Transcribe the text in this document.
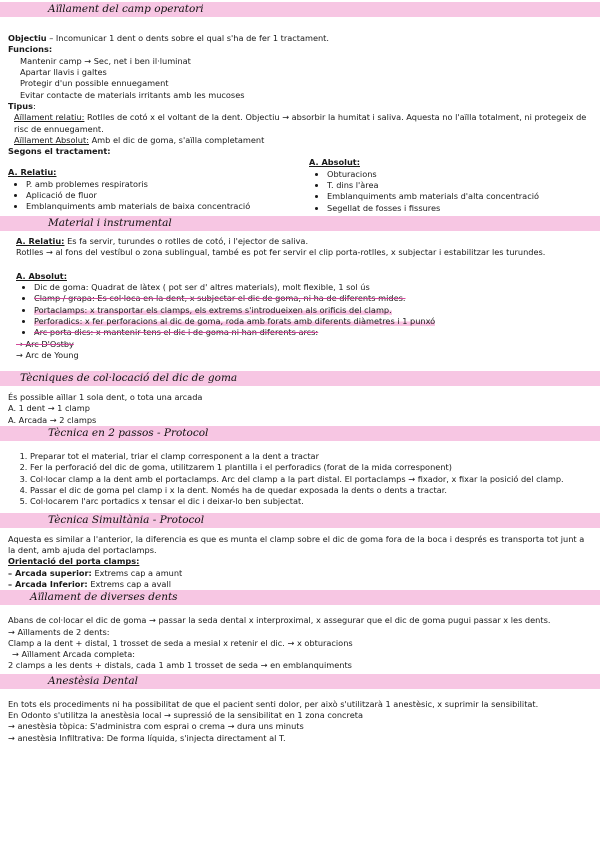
Aïllament del camp operatori

Objectiu – Incomunicar 1 dent o dents sobre el qual s'ha de fer 1 tractament.

Funcions:

Mantenir camp → Sec, net i ben il·luminat

Apartar llavis i galtes

Protegir d'un possible ennuegament

Evitar contacte de materials irritants amb les mucoses

Tipus:

Aïllament relatiu: Rotlles de cotó x el voltant de la dent. Objectiu → absorbir la humitat i saliva. Aquesta no l'aïlla totalment, ni protegeix de risc de ennuegament.

Aïllament Absolut: Amb el dic de goma, s'aïlla completament

Segons el tractament:

A. Relatiu:

• P. amb problemes respiratoris
• Aplicació de fluor
• Emblanquiments amb materials de baixa concentració

A. Absolut:

• Obturacions
• T. dins l'àrea
• Emblanquiments amb materials d'alta concentració
• Segellat de fosses i fissures
Material i instrumental

A. Relatiu: Es fa servir, turundes o rotlles de cotó, i l'ejector de saliva.

Rotlles → al fons del vestíbul o zona sublingual, també es pot fer servir el clip porta-rotlles, x subjectar i estabilitzar les turundes.

A. Absolut:

• Dic de goma: Quadrat de làtex ( pot ser d' altres materials), molt flexible, 1 sol ús
• Clamp / grapa: Es col·loca en la dent, x subjectar el dic de goma, ni ha de diferents mides.
• Portaclamps: x transportar els clamps, els extrems s'introdueixen als orificis del clamp.
• Perforadics: x fer perforacions al dic de goma, roda amb forats amb diferents diàmetres i 1 punxó
• Arc porta dics: x mantenir tens el dic i de goma ni han diferents arcs:

→ Arc D'Ostby

→ Arc de Young

Tècniques de col·locació del dic de goma

És possible aïllar 1 sola dent, o tota una arcada

A. 1 dent → 1 clamp

A. Arcada → 2 clamps

Tècnica en 2 passos - Protocol
1. Preparar tot el material, triar el clamp corresponent a la dent a tractar
2. Fer la perforació del dic de goma, utilitzarem 1 plantilla i el perforadics (forat de la mida corresponent)
3. Col·locar clamp a la dent amb el portaclamps. Arc del clamp a la part distal. El portaclamps → fixador, x fixar la posició del clamp.
4. Passar el dic de goma pel clamp i x la dent. Només ha de quedar exposada la dents o dents a tractar.
5. Col·locarem l'arc portadics x tensar el dic i deixar-lo ben subjectat.
Tècnica Simultània - Protocol

Aquesta es similar a l'anterior, la diferencia es que es munta el clamp sobre el dic de goma fora de la boca i després es transporta tot junt a la dent, amb ajuda del portaclamps.

Orientació del porta clamps:

– Arcada superior: Extrems cap a amunt

– Arcada Inferior: Extrems cap a avall

Aïllament de diverses dents

Abans de col·locar el dic de goma → passar la seda dental x interproximal, x assegurar que el dic de goma pugui passar x les dents.

→ Aïllaments de 2 dents:

Clamp a la dent + distal, 1 trosset de seda a mesial x retenir el dic. → x obturacions

→ Aïllament Arcada completa:

2 clamps a les dents + distals, cada 1 amb 1 trosset de seda → en emblanquiments

Anestèsia Dental

En tots els procediments ni ha possibilitat de que el pacient senti dolor, per això s'utilitzarà 1 anestèsic, x suprimir la sensibilitat.

En Odonto s'utilitza la anestèsia local → supressió de la sensibilitat en 1 zona concreta

→ anestèsia tòpica: S'administra com esprai o crema → dura uns minuts

→ anestèsia Infiltrativa: De forma líquida, s'injecta directament al T.
